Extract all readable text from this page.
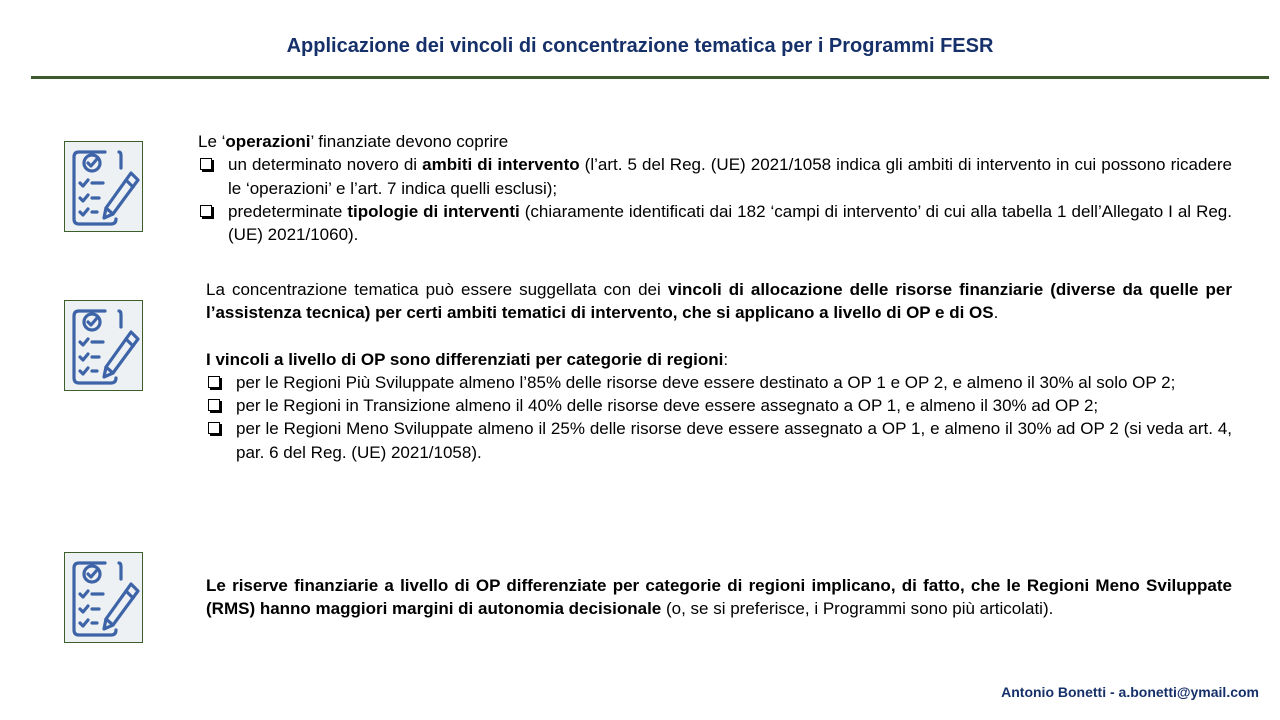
Applicazione dei vincoli di concentrazione tematica per i Programmi FESR
Le ‘operazioni’ finanziate devono coprire
un determinato novero di ambiti di intervento (l’art. 5 del Reg. (UE) 2021/1058 indica gli ambiti di intervento in cui possono ricadere le ‘operazioni’ e l’art. 7 indica quelli esclusi);
predeterminate tipologie di interventi (chiaramente identificati dai 182 ‘campi di intervento’ di cui alla tabella 1 dell’Allegato I al Reg. (UE) 2021/1060).
La concentrazione tematica può essere suggellata con dei vincoli di allocazione delle risorse finanziarie (diverse da quelle per l’assistenza tecnica) per certi ambiti tematici di intervento, che si applicano a livello di OP e di OS.
I vincoli a livello di OP sono differenziati per categorie di regioni:
per le Regioni Più Sviluppate almeno l’85% delle risorse deve essere destinato a OP 1 e OP 2, e almeno il 30% al solo OP 2;
per le Regioni in Transizione almeno il 40% delle risorse deve essere assegnato a OP 1, e almeno il 30% ad OP 2;
per le Regioni Meno Sviluppate almeno il 25% delle risorse deve essere assegnato a OP 1, e almeno il 30% ad OP 2 (si veda art. 4, par. 6 del Reg. (UE) 2021/1058).
Le riserve finanziarie a livello di OP differenziate per categorie di regioni implicano, di fatto, che le Regioni Meno Sviluppate (RMS) hanno maggiori margini di autonomia decisionale (o, se si preferisce, i Programmi sono più articolati).
Antonio Bonetti - a.bonetti@ymail.com
